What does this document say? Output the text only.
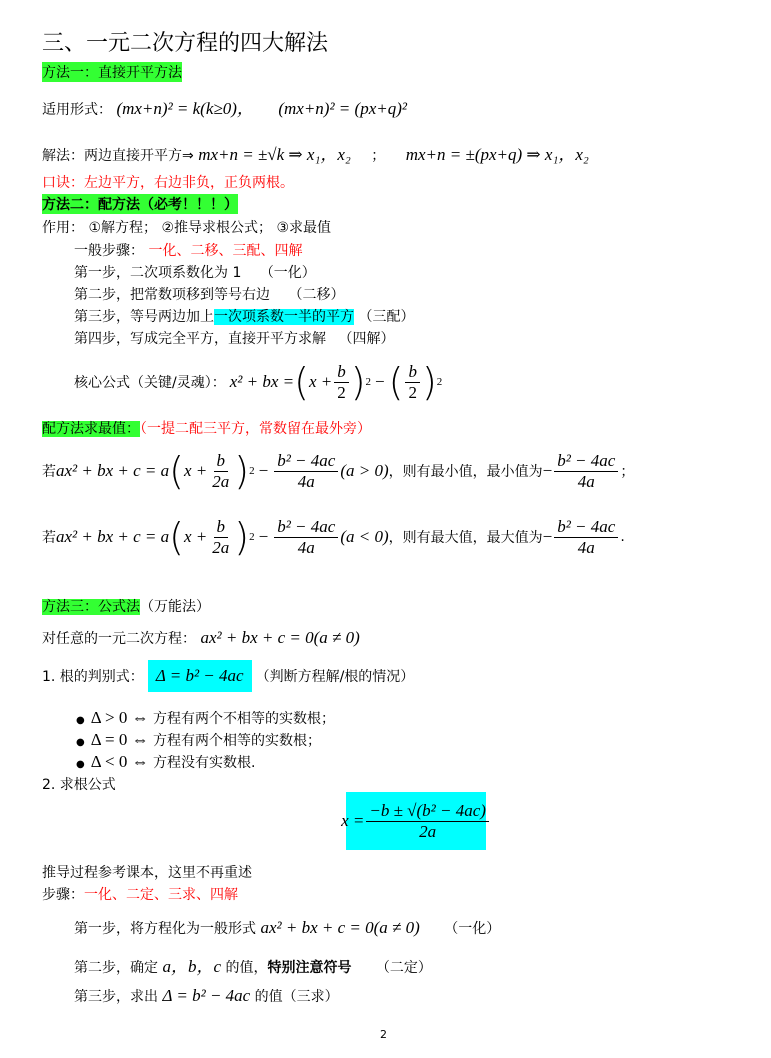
三、一元二次方程的四大解法
方法一：直接开平方法
适用形式： (mx+n)² = k(k≥0)， (mx+n)² = (px+q)²
解法：两边直接开平方⇒ mx+n = ±√k ⇒ x₁，x₂ ； mx+n = ±(px+q) ⇒ x₁，x₂
口诀：左边平方，右边非负，正负两根。
方法二：配方法（必考！！！）
作用： ①解方程； ②推导求根公式； ③求最值
一般步骤： 一化、二移、三配、四解
第一步，二次项系数化为 1 （一化）
第二步，把常数项移到等号右边 （二移）
第三步，等号两边加上一次项系数一半的平方 （三配）
第四步，写成完全平方，直接开平方求解 （四解）
核心公式（关键/灵魂）： x² + bx = ( $x + \frac{b}{2}$ ) 2 − ( $\frac{b}{2}$ ) 2
配方法求最值：（一提二配三平方，常数留在最外旁）
若 ax² + bx + c = a ( $x + \frac{b}{2a}$ ) $2 - \frac{\text{b² − 4ac}}{4a} (a > 0)$ ，则有最小值，最小值为 − $\frac{\text{b² − 4ac}}{4a}$ ；
若 ax² + bx + c = a ( $x + \frac{b}{2a}$ ) $2 - \frac{\text{b² − 4ac}}{4a} (a < 0)$ ，则有最大值，最大值为 − $\frac{\text{b² − 4ac}}{4a}$ .
方法三：公式法（万能法）
对任意的一元二次方程： ax² + bx + c = 0(a ≠ 0)
1. 根的判别式： Δ = b² − 4ac （判断方程解/根的情况）
● Δ > 0 ⇔ 方程有两个不相等的实数根；
● Δ = 0 ⇔ 方程有两个相等的实数根；
● Δ < 0 ⇔ 方程没有实数根.
2. 求根公式
$x = \frac{\text{−b ± √(b² − 4ac)}}{2a}$
推导过程参考课本，这里不再重述
步骤：一化、二定、三求、四解
第一步，将方程化为一般形式 ax² + bx + c = 0(a ≠ 0) （一化）
第二步，确定 a，b，c 的值，特别注意符号 （二定）
第三步，求出 Δ = b² − 4ac 的值（三求）
2
